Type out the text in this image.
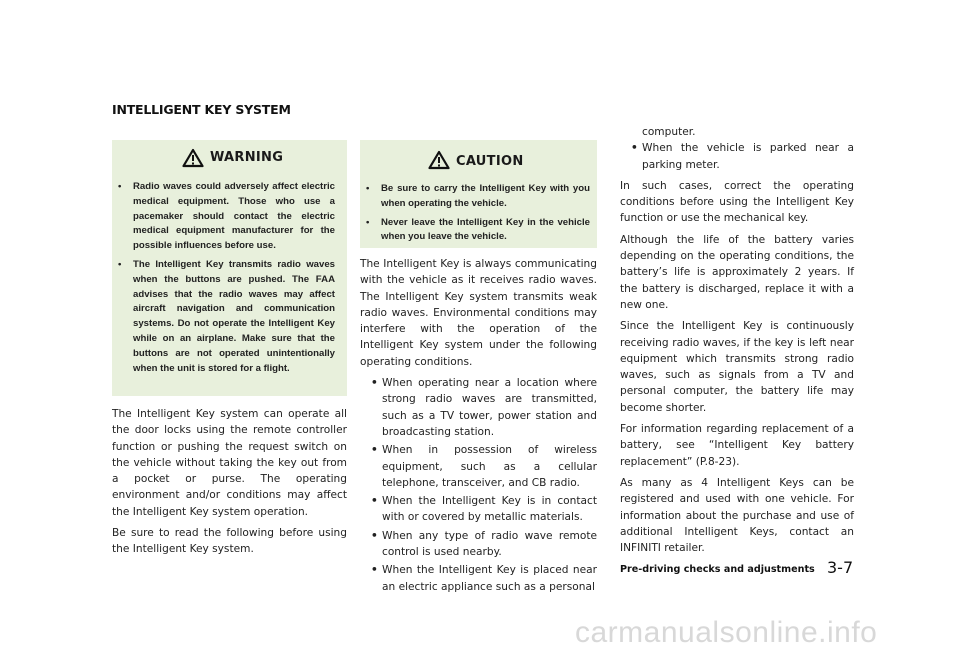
INTELLIGENT KEY SYSTEM
WARNING
• Radio waves could adversely affect electric medical equipment. Those who use a pacemaker should contact the electric medical equipment manufacturer for the possible influences before use.
• The Intelligent Key transmits radio waves when the buttons are pushed. The FAA advises that the radio waves may affect aircraft navigation and communication systems. Do not operate the Intelligent Key while on an airplane. Make sure that the buttons are not operated unintentionally when the unit is stored for a flight.
CAUTION
• Be sure to carry the Intelligent Key with you when operating the vehicle.
• Never leave the Intelligent Key in the vehicle when you leave the vehicle.

The Intelligent Key system can operate all the door locks using the remote controller function or pushing the request switch on the vehicle without taking the key out from a pocket or purse. The operating environment and/or conditions may affect the Intelligent Key system operation.

Be sure to read the following before using the Intelligent Key system.

The Intelligent Key is always communicating with the vehicle as it receives radio waves. The Intelligent Key system transmits weak radio waves. Environmental conditions may interfere with the operation of the Intelligent Key system under the following operating conditions.

• When operating near a location where strong radio waves are transmitted, such as a TV tower, power station and broadcasting station.
• When in possession of wireless equipment, such as a cellular telephone, transceiver, and CB radio.
• When the Intelligent Key is in contact with or covered by metallic materials.
• When any type of radio wave remote control is used nearby.
• When the Intelligent Key is placed near an electric appliance such as a personal

computer.

• When the vehicle is parked near a parking meter.

In such cases, correct the operating conditions before using the Intelligent Key function or use the mechanical key.

Although the life of the battery varies depending on the operating conditions, the battery’s life is approximately 2 years. If the battery is discharged, replace it with a new one.

Since the Intelligent Key is continuously receiving radio waves, if the key is left near equipment which transmits strong radio waves, such as signals from a TV and personal computer, the battery life may become shorter.

For information regarding replacement of a battery, see “Intelligent Key battery replacement” (P.8-23).

As many as 4 Intelligent Keys can be registered and used with one vehicle. For information about the purchase and use of additional Intelligent Keys, contact an INFINITI retailer.

Pre-driving checks and adjustments 3-7
carmanualsonline.info
